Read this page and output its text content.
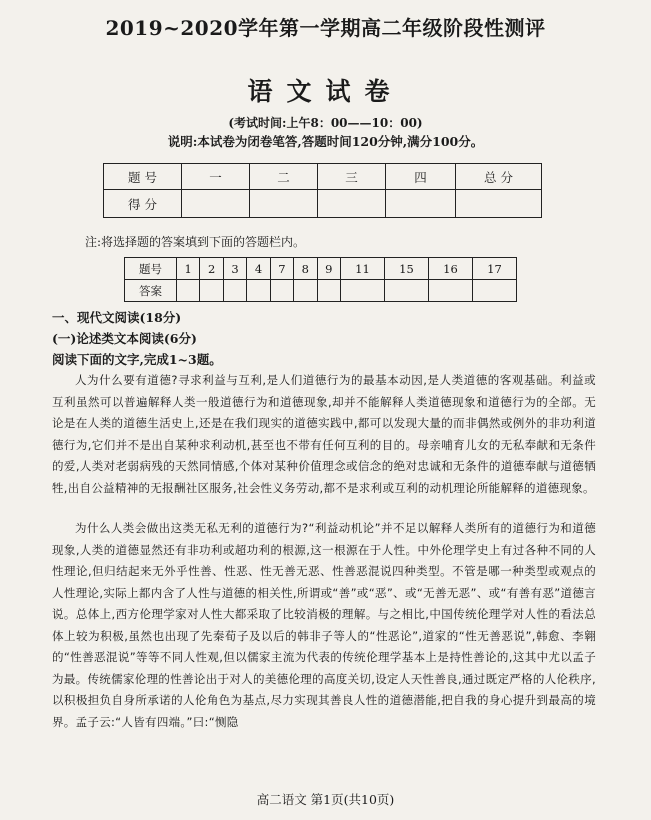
2019~2020学年第一学期高二年级阶段性测评
语文试卷
(考试时间:上午8：00——10：00)
说明:本试卷为闭卷笔答,答题时间120分钟,满分100分。
题 号	一	二	三	四	总 分
得 分					
注:将选择题的答案填到下面的答题栏内。
题号	1	2	3	4	7	8	9	11	15	16	17
答案											
一、现代文阅读(18分)
(一)论述类文本阅读(6分)
阅读下面的文字,完成1~3题。

人为什么要有道德?寻求利益与互利,是人们道德行为的最基本动因,是人类道德的客观基础。利益或互利虽然可以普遍解释人类一般道德行为和道德现象,却并不能解释人类道德现象和道德行为的全部。无论是在人类的道德生活史上,还是在我们现实的道德实践中,都可以发现大量的而非偶然或例外的非功利道德行为,它们并不是出自某种求利动机,甚至也不带有任何互利的目的。母亲哺育儿女的无私奉献和无条件的爱,人类对老弱病残的天然同情感,个体对某种价值理念或信念的绝对忠诚和无条件的道德奉献与道德牺牲,出自公益精神的无报酬社区服务,社会性义务劳动,都不是求利或互利的动机理论所能解释的道德现象。

为什么人类会做出这类无私无利的道德行为?“利益动机论”并不足以解释人类所有的道德行为和道德现象,人类的道德显然还有非功利或超功利的根源,这一根源在于人性。中外伦理学史上有过各种不同的人性理论,但归结起来无外乎性善、性恶、性无善无恶、性善恶混说四种类型。不管是哪一种类型或观点的人性理论,实际上都内含了人性与道德的相关性,所谓或“善”或“恶”、或“无善无恶”、或“有善有恶”道德言说。总体上,西方伦理学家对人性大都采取了比较消极的理解。与之相比,中国传统伦理学对人性的看法总体上较为积极,虽然也出现了先秦荀子及以后的韩非子等人的“性恶论”,道家的“性无善恶说”,韩愈、李翱的“性善恶混说”等等不同人性观,但以儒家主流为代表的传统伦理学基本上是持性善论的,这其中尤以孟子为最。传统儒家伦理的性善论出于对人的美德伦理的高度关切,设定人天性善良,通过既定严格的人伦秩序,以积极担负自身所承诺的人伦角色为基点,尽力实现其善良人性的道德潜能,把自我的身心提升到最高的境界。孟子云:“人皆有四端。”曰:“恻隐

高二语文 第1页(共10页)
